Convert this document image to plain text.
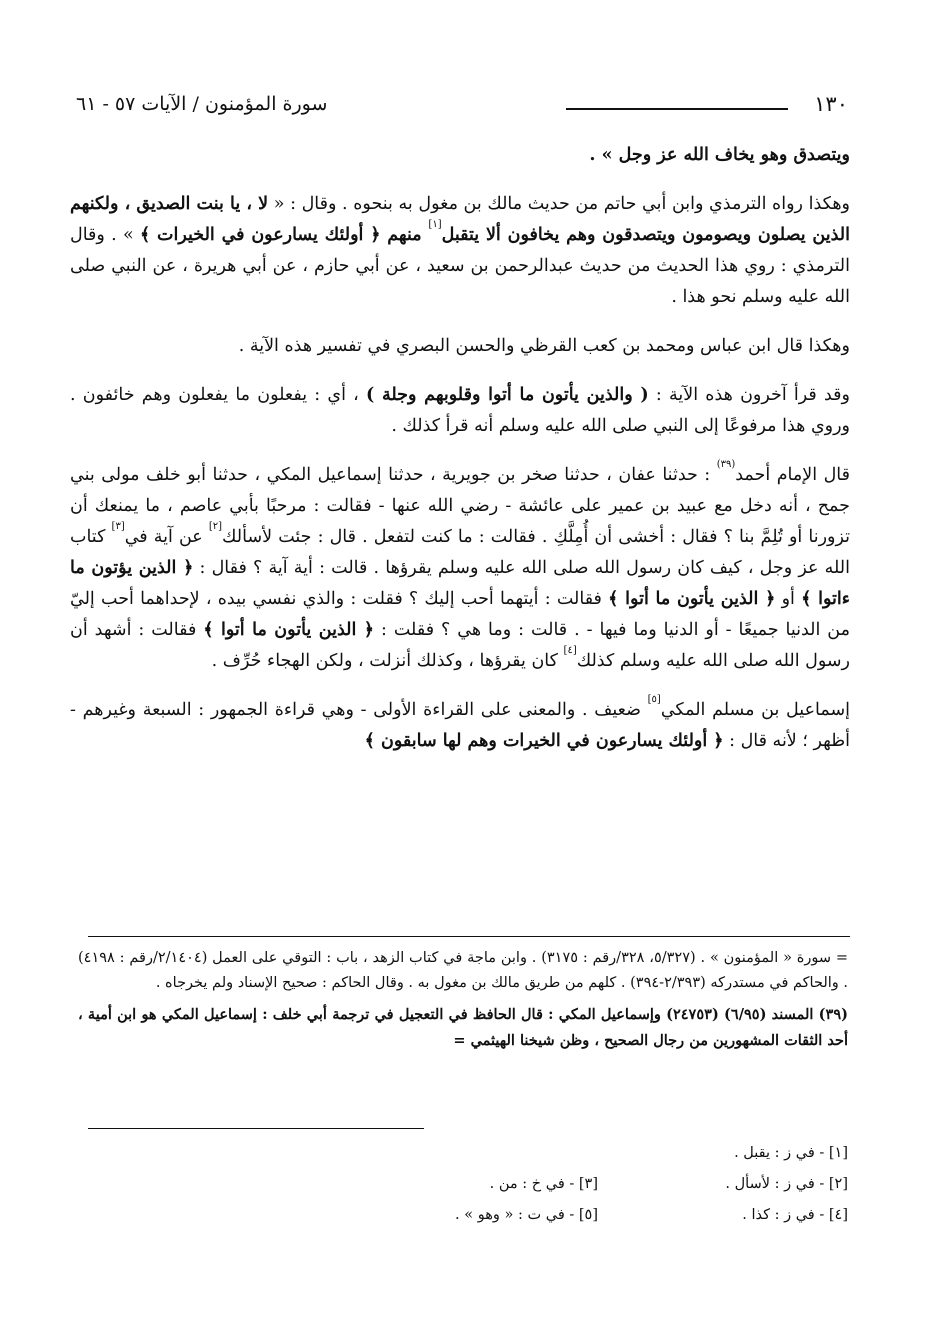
١٣٠
سورة المؤمنون / الآيات ٥٧ - ٦١

ويتصدق وهو يخاف الله عز وجل » .

وهكذا رواه الترمذي وابن أبي حاتم من حديث مالك بن مغول به بنحوه . وقال : « لا ، يا بنت الصديق ، ولكنهم الذين يصلون ويصومون ويتصدقون وهم يخافون ألا يتقبل[١] منهم ﴿ أولئك يسارعون في الخيرات ﴾ » . وقال الترمذي : روي هذا الحديث من حديث عبدالرحمن بن سعيد ، عن أبي حازم ، عن أبي هريرة ، عن النبي صلى الله عليه وسلم نحو هذا .

وهكذا قال ابن عباس ومحمد بن كعب القرظي والحسن البصري في تفسير هذه الآية .

وقد قرأ آخرون هذه الآية : ( والذين يأتون ما أتوا وقلوبهم وجلة ) ، أي : يفعلون ما يفعلون وهم خائفون . وروي هذا مرفوعًا إلى النبي صلى الله عليه وسلم أنه قرأ كذلك .

قال الإمام أحمد$^{(٣٩)}$ : حدثنا عفان ، حدثنا صخر بن جويرية ، حدثنا إسماعيل المكي ، حدثنا أبو خلف مولى بني جمح ، أنه دخل مع عبيد بن عمير على عائشة - رضي الله عنها - فقالت : مرحبًا بأبي عاصم ، ما يمنعك أن تزورنا أو تُلِمَّ بنا ؟ فقال : أخشى أن أُمِلَّكِ . فقالت : ما كنت لتفعل . قال : جئت لأسألك[٢] عن آية في[٣] كتاب الله عز وجل ، كيف كان رسول الله صلى الله عليه وسلم يقرؤها . قالت : أية آية ؟ فقال : ﴿ الذين يؤتون ما ءاتوا ﴾ أو ﴿ الذين يأتون ما أتوا ﴾ فقالت : أيتهما أحب إليك ؟ فقلت : والذي نفسي بيده ، لإحداهما أحب إليّ من الدنيا جميعًا - أو الدنيا وما فيها - . قالت : وما هي ؟ فقلت : ﴿ الذين يأتون ما أتوا ﴾ فقالت : أشهد أن رسول الله صلى الله عليه وسلم كذلك[٤] كان يقرؤها ، وكذلك أنزلت ، ولكن الهجاء حُرِّف .

إسماعيل بن مسلم المكي[٥] ضعيف . والمعنى على القراءة الأولى - وهي قراءة الجمهور : السبعة وغيرهم - أظهر ؛ لأنه قال : ﴿ أولئك يسارعون في الخيرات وهم لها سابقون ﴾

= سورة « المؤمنون » . (٥/٣٢٧، ٣٢٨/رقم : ٣١٧٥) . وابن ماجة في كتاب الزهد ، باب : التوقي على العمل (٢/١٤٠٤/رقم : ٤١٩٨) . والحاكم في مستدركه (٢/٣٩٣-٣٩٤) . كلهم من طريق مالك بن مغول به . وقال الحاكم : صحيح الإسناد ولم يخرجاه .

(٣٩) المسند (٦/٩٥) (٢٤٧٥٣) وإسماعيل المكي : قال الحافظ في التعجيل في ترجمة أبي خلف : إسماعيل المكي هو ابن أمية ، أحد الثقات المشهورين من رجال الصحيح ، وظن شيخنا الهيثمي =

[١] - في ز : يقبل .
[٢] - في ز : لأسأل .
[٣] - في خ : من .
[٤] - في ز : كذا .
[٥] - في ت : « وهو » .
